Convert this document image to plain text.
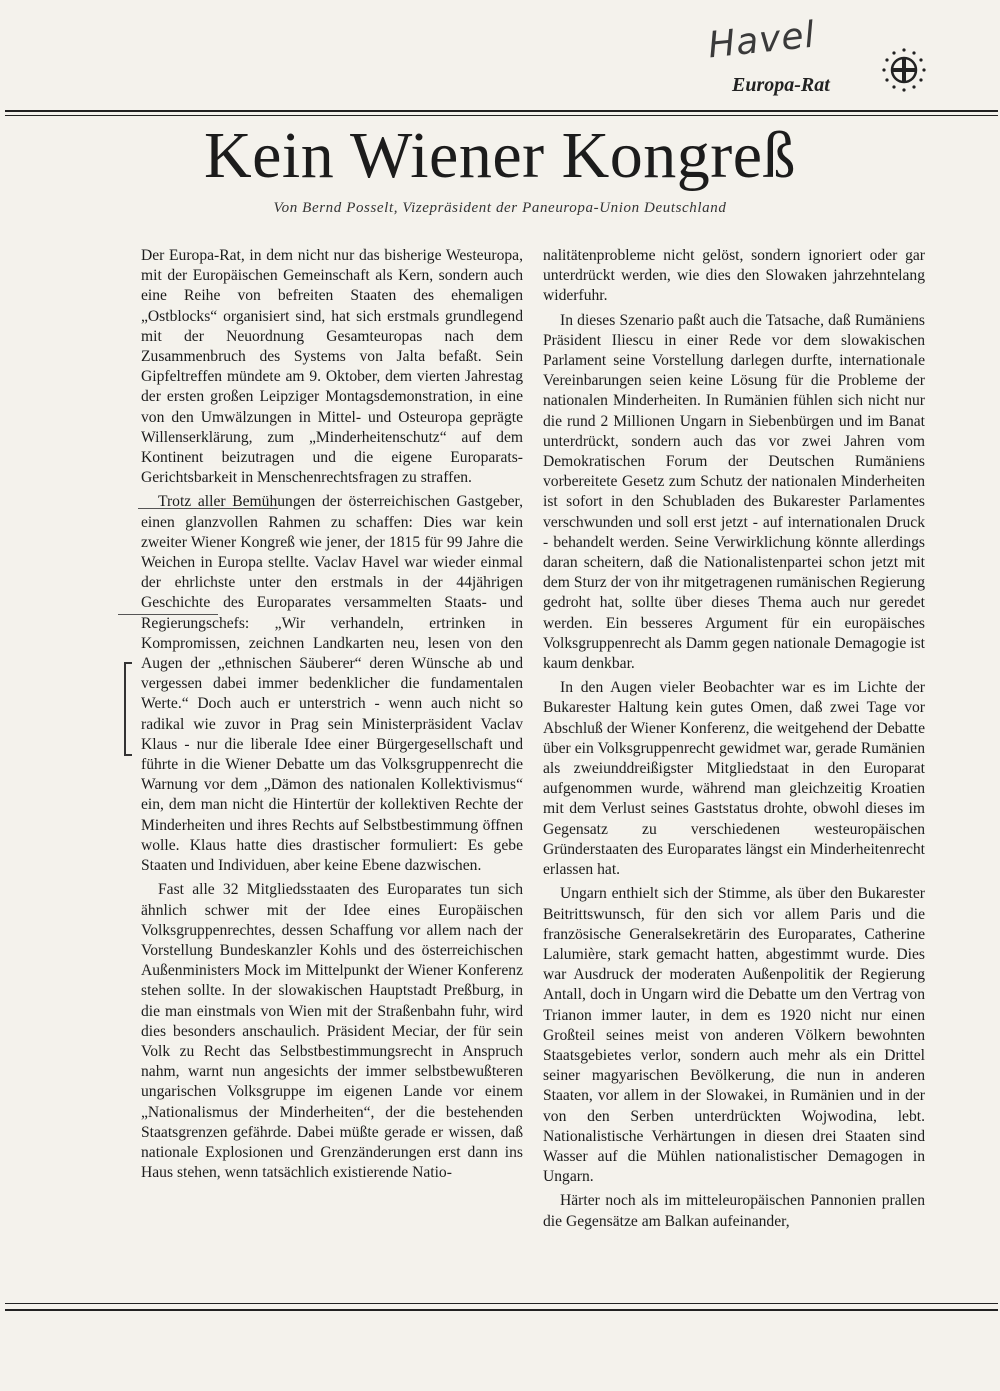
Havel
Europa-Rat
Kein Wiener Kongreß
Von Bernd Posselt, Vizepräsident der Paneuropa-Union Deutschland

Der Europa-Rat, in dem nicht nur das bisherige Westeuropa, mit der Europäischen Gemeinschaft als Kern, sondern auch eine Reihe von befreiten Staaten des ehemaligen „Ostblocks“ organisiert sind, hat sich erstmals grundlegend mit der Neuordnung Gesamteuropas nach dem Zusammenbruch des Systems von Jalta befaßt. Sein Gipfeltreffen mündete am 9. Oktober, dem vierten Jahrestag der ersten großen Leipziger Montagsdemonstration, in eine von den Umwälzungen in Mittel- und Osteuropa geprägte Willenserklärung, zum „Minderheitenschutz“ auf dem Kontinent beizutragen und die eigene Europarats-Gerichtsbarkeit in Menschenrechtsfragen zu straffen.

Trotz aller Bemühungen der österreichischen Gastgeber, einen glanzvollen Rahmen zu schaffen: Dies war kein zweiter Wiener Kongreß wie jener, der 1815 für 99 Jahre die Weichen in Europa stellte. Vaclav Havel war wieder einmal der ehrlichste unter den erstmals in der 44jährigen Geschichte des Europarates versammelten Staats- und Regierungschefs: „Wir verhandeln, ertrinken in Kompromissen, zeichnen Landkarten neu, lesen von den Augen der „ethnischen Säuberer“ deren Wünsche ab und vergessen dabei immer bedenklicher die fundamentalen Werte.“ Doch auch er unterstrich - wenn auch nicht so radikal wie zuvor in Prag sein Ministerpräsident Vaclav Klaus - nur die liberale Idee einer Bürgergesellschaft und führte in die Wiener Debatte um das Volksgruppenrecht die Warnung vor dem „Dämon des nationalen Kollektivismus“ ein, dem man nicht die Hintertür der kollektiven Rechte der Minderheiten und ihres Rechts auf Selbstbestimmung öffnen wolle. Klaus hatte dies drastischer formuliert: Es gebe Staaten und Individuen, aber keine Ebene dazwischen.

Fast alle 32 Mitgliedsstaaten des Europarates tun sich ähnlich schwer mit der Idee eines Europäischen Volksgruppenrechtes, dessen Schaffung vor allem nach der Vorstellung Bundeskanzler Kohls und des österreichischen Außenministers Mock im Mittelpunkt der Wiener Konferenz stehen sollte. In der slowakischen Hauptstadt Preßburg, in die man einstmals von Wien mit der Straßenbahn fuhr, wird dies besonders anschaulich. Präsident Meciar, der für sein Volk zu Recht das Selbstbestimmungsrecht in Anspruch nahm, warnt nun angesichts der immer selbstbewußteren ungarischen Volksgruppe im eigenen Lande vor einem „Nationalismus der Minderheiten“, der die bestehenden Staatsgrenzen gefährde. Dabei müßte gerade er wissen, daß nationale Explosionen und Grenzänderungen erst dann ins Haus stehen, wenn tatsächlich existierende Natio-

nalitätenprobleme nicht gelöst, sondern ignoriert oder gar unterdrückt werden, wie dies den Slowaken jahrzehntelang widerfuhr.

In dieses Szenario paßt auch die Tatsache, daß Rumäniens Präsident Iliescu in einer Rede vor dem slowakischen Parlament seine Vorstellung darlegen durfte, internationale Vereinbarungen seien keine Lösung für die Probleme der nationalen Minderheiten. In Rumänien fühlen sich nicht nur die rund 2 Millionen Ungarn in Siebenbürgen und im Banat unterdrückt, sondern auch das vor zwei Jahren vom Demokratischen Forum der Deutschen Rumäniens vorbereitete Gesetz zum Schutz der nationalen Minderheiten ist sofort in den Schubladen des Bukarester Parlamentes verschwunden und soll erst jetzt - auf internationalen Druck - behandelt werden. Seine Verwirklichung könnte allerdings daran scheitern, daß die Nationalistenpartei schon jetzt mit dem Sturz der von ihr mitgetragenen rumänischen Regierung gedroht hat, sollte über dieses Thema auch nur geredet werden. Ein besseres Argument für ein europäisches Volksgruppenrecht als Damm gegen nationale Demagogie ist kaum denkbar.

In den Augen vieler Beobachter war es im Lichte der Bukarester Haltung kein gutes Omen, daß zwei Tage vor Abschluß der Wiener Konferenz, die weitgehend der Debatte über ein Volksgruppenrecht gewidmet war, gerade Rumänien als zweiunddreißigster Mitgliedstaat in den Europarat aufgenommen wurde, während man gleichzeitig Kroatien mit dem Verlust seines Gaststatus drohte, obwohl dieses im Gegensatz zu verschiedenen westeuropäischen Gründerstaaten des Europarates längst ein Minderheitenrecht erlassen hat.

Ungarn enthielt sich der Stimme, als über den Bukarester Beitrittswunsch, für den sich vor allem Paris und die französische Generalsekretärin des Europarates, Catherine Lalumière, stark gemacht hatten, abgestimmt wurde. Dies war Ausdruck der moderaten Außenpolitik der Regierung Antall, doch in Ungarn wird die Debatte um den Vertrag von Trianon immer lauter, in dem es 1920 nicht nur einen Großteil seines meist von anderen Völkern bewohnten Staatsgebietes verlor, sondern auch mehr als ein Drittel seiner magyarischen Bevölkerung, die nun in anderen Staaten, vor allem in der Slowakei, in Rumänien und in der von den Serben unterdrückten Wojwodina, lebt. Nationalistische Verhärtungen in diesen drei Staaten sind Wasser auf die Mühlen nationalistischer Demagogen in Ungarn.

Härter noch als im mitteleuropäischen Pannonien prallen die Gegensätze am Balkan aufeinander,
